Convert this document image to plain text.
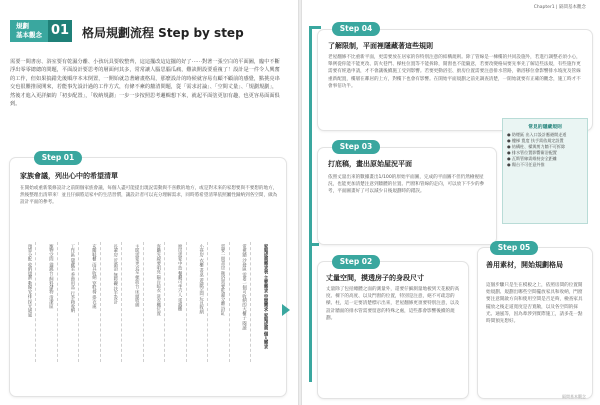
規劃
基本觀念 01 格局規劃流程 Step by step
需要一間書房、浴室要有乾濕分離、小孩玩具要收整齊，這這擺改這這擺的好了⋯⋯對著一張空白的平面圖，臨中不斷浮出零零總總的問題，平面設計要思考的層面何其多，常常讓人腦思腦瓜痛，難訣開設要重複了！設計是一件令人興奮的工作，但如果搞錯先後順序本末倒置，一開始就急著繪畫格局，那麼設計的時候就容易有顧不顧前的感覺，點挑亮串交也很難推展開來，若能事先設計過的工作方式，有條不紊的釐清問題，從「需求討論」、「空間丈量」、「規劃規劃」，然後才進入更詳細的「初步配置」，「收納規劃」一步一步按照思考邏輯想下來，就起平面塗更加有趣，也更容易面面俱到。
家族會議，列出心中的希望清單
在開始或重新裝修設計之前開個家族會議，每個人盡可能提出現況需動與不喜歡的地方，或是對未來的家想要與不要想的地方，然後整理出清單來！並且仔細將這家中的生活習慣，讓設計者可以充分理解需求，同時將希望清單依照屬性歸納到各空間，做為設計平面的參考。
Step 01
家庭成員需求表 主要需求 空間需求 家庭成員 個人需求
電視牆 沙發區 需要一個可收納的大櫃子 閱讀
需要一間書房 衛浴需要乾濕分離 浴缸
小孩房 衣櫃 書桌 遊戲空間 玩具收納
廚房需要中島 餐廳可坐六人 電器櫃
客廳光線要明亮 陽台晾衣 洗衣機位置
主臥需要更衣室 梳妝台 床頭收納
長輩房 近衛浴 無障礙 扶手設計
玄關鞋櫃 雨具收納 穿鞋椅 掛衣處
工作區 儲藏室 季節用品 行李箱收納
寵物空間 貓跳台 飼料儲物 清潔區
預算分配 收納規劃 動線安排 採光通風
Chapter1 | 隔間基本觀念
了解限制，平面裡隱藏著這些規則
老屋翻修不比重新平面，更需要放在居家的你特別注意的結構規則。除了管線是一棟樓的共同設施外，若進行調整必須小心，舉例從你能不能更改、防火巷門、樑柱位置等不能拆除，開窗也不能隨意，若要改變格局要先事先了解這些法規，有些施作更需要有經過申請，才不會讓後續施工受到影響。若要更動浴室、廚房位置需要注意排水管路，衛浴移位會影響排水坡度及管線重新配置，樓層在鄰居的上方，對樓下也會有影響。在開始平面規劃之前先調查清楚，一開始就要有正確的觀念，施工時才不會事倍功半。
Step 04
打底稿，畫出原始屋況平面
依照丈量出來的數據畫出1/100的原始平面圖，完成的平面圖不但仍然檢視屋況，也能更加清楚注意到牆體的位置、門窗和管線的走向，可以放下不少的參考，平面圖畫好了可以減少日後規劃時的錯誤。
Step 03
常見的隱藏規則
● 防煙區 出入口設計應避開走道
● 樓梯 寬度 扶手需依規定設置
● 結構柱、樑與剪力牆不可拆除
● 排水管位置影響衛浴配置
● 瓦斯管線需維持安全距離
● 陽台不可任意外推
丈量空間，摸透房子的身段尺寸
丈量除了包括總體之面的測量外，還要仔細測量地板到天花板的高度、樑下的高度、以及門窗的位置，特別是注意，絕不可疏忽的樑、柱，這一定要清楚標示出來，老屋翻修更須要特別注意，以及設計牆面的排水管需要留意的特殊之處，這些都會影響後續的規劃。
Step 02	善用素材，開始規劃格局
這個步驟只是生在模板之上，依照房間的位置開始規劃、規劃出哪些空間擺放家具和收納，門窗要注意開啟方向和使用空間是否足夠，檢查家具擺放之後走道寬度是否寬敞，以及各空間的採光、通風等，因為牽涉到實際施工，請多花一點時間預先想好。
Step 05
隔間基本觀念
